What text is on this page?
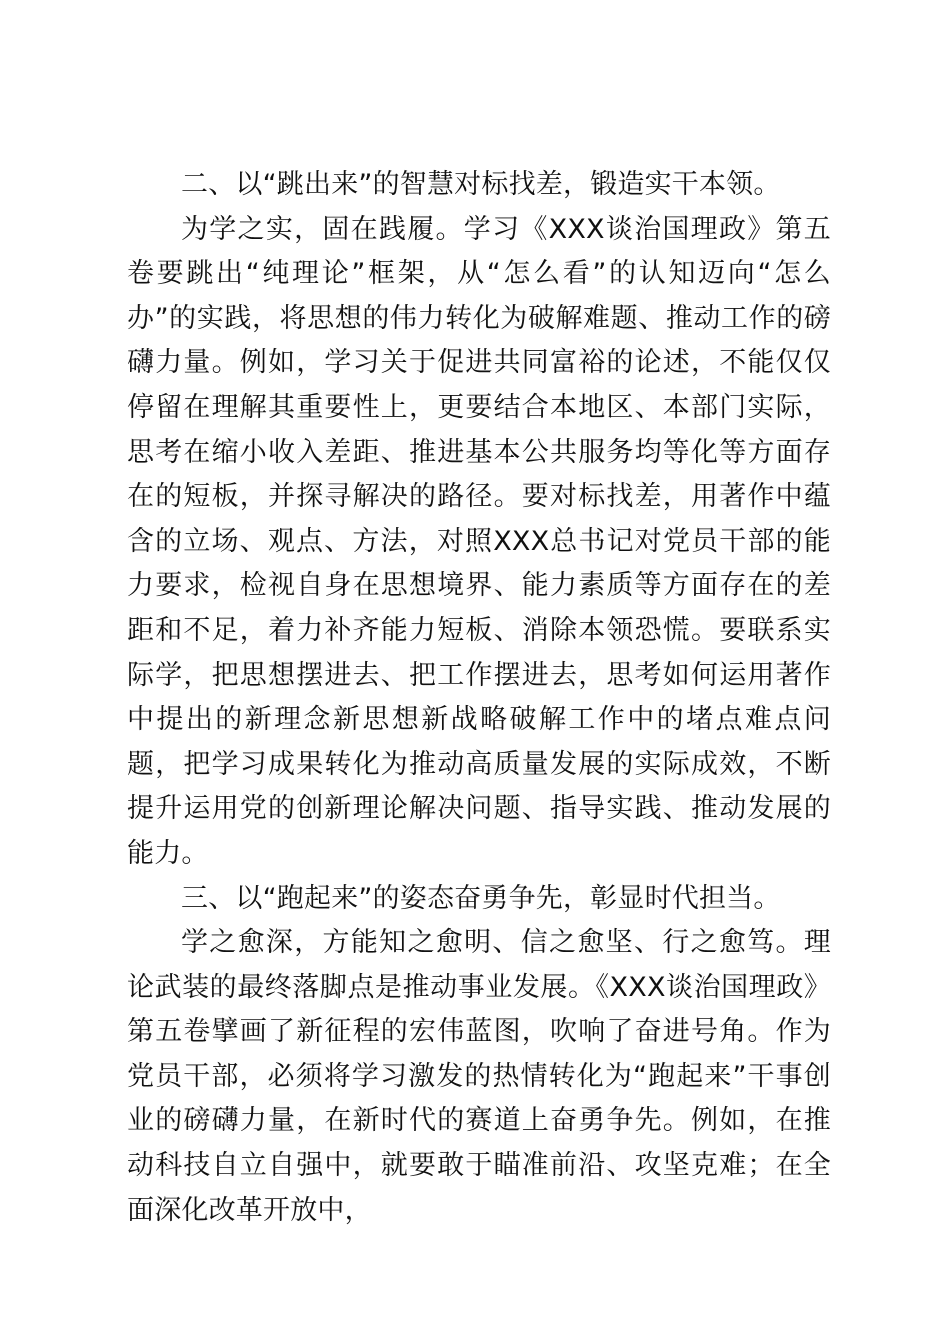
二、以“跳出来”的智慧对标找差，锻造实干本领。

为学之实，固在践履。学习《XXX谈治国理政》第五卷要跳出“纯理论”框架，从“怎么看”的认知迈向“怎么办”的实践，将思想的伟力转化为破解难题、推动工作的磅礴力量。例如，学习关于促进共同富裕的论述，不能仅仅停留在理解其重要性上，更要结合本地区、本部门实际，思考在缩小收入差距、推进基本公共服务均等化等方面存在的短板，并探寻解决的路径。要对标找差，用著作中蕴含的立场、观点、方法，对照XXX总书记对党员干部的能力要求，检视自身在思想境界、能力素质等方面存在的差距和不足，着力补齐能力短板、消除本领恐慌。要联系实际学，把思想摆进去、把工作摆进去，思考如何运用著作中提出的新理念新思想新战略破解工作中的堵点难点问题，把学习成果转化为推动高质量发展的实际成效，不断提升运用党的创新理论解决问题、指导实践、推动发展的能力。

三、以“跑起来”的姿态奋勇争先，彰显时代担当。

学之愈深，方能知之愈明、信之愈坚、行之愈笃。理论武装的最终落脚点是推动事业发展。《XXX谈治国理政》第五卷擘画了新征程的宏伟蓝图，吹响了奋进号角。作为党员干部，必须将学习激发的热情转化为“跑起来”干事创业的磅礴力量，在新时代的赛道上奋勇争先。例如，在推动科技自立自强中，就要敢于瞄准前沿、攻坚克难；在全面深化改革开放中，
